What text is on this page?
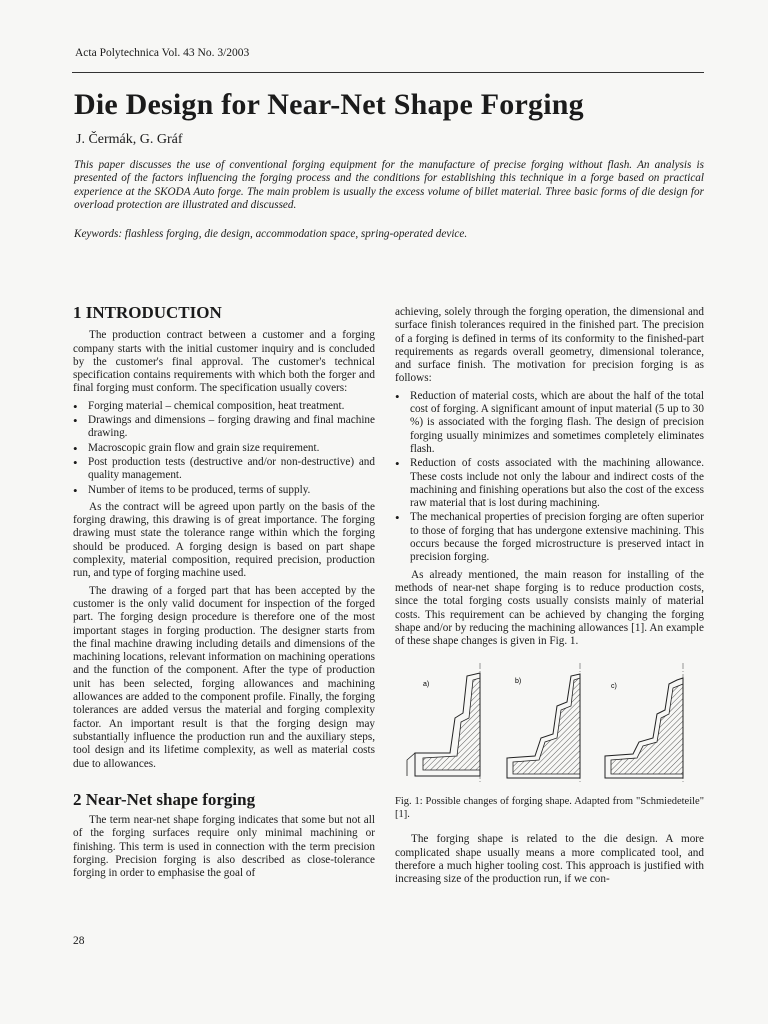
Acta Polytechnica Vol. 43 No. 3/2003
Die Design for Near-Net Shape Forging
J. Čermák, G. Gráf
This paper discusses the use of conventional forging equipment for the manufacture of precise forging without flash. An analysis is presented of the factors influencing the forging process and the conditions for establishing this technique in a forge based on practical experience at the SKODA Auto forge. The main problem is usually the excess volume of billet material. Three basic forms of die design for overload protection are illustrated and discussed.
Keywords: flashless forging, die design, accommodation space, spring-operated device.
1 INTRODUCTION

The production contract between a customer and a forging company starts with the initial customer inquiry and is concluded by the customer's final approval. The customer's technical specification contains requirements with which both the forger and final forging must conform. The specification usually covers:

• Forging material – chemical composition, heat treatment.
• Drawings and dimensions – forging drawing and final machine drawing.
• Macroscopic grain flow and grain size requirement.
• Post production tests (destructive and/or non-destructive) and quality management.
• Number of items to be produced, terms of supply.

As the contract will be agreed upon partly on the basis of the forging drawing, this drawing is of great importance. The forging drawing must state the tolerance range within which the forging should be produced. A forging design is based on part shape complexity, material composition, required precision, production run, and type of forging machine used.

The drawing of a forged part that has been accepted by the customer is the only valid document for inspection of the forged part. The forging design procedure is therefore one of the most important stages in forging production. The designer starts from the final machine drawing including details and dimensions of the machining locations, relevant information on machining operations and the function of the component. After the type of production unit has been selected, forging allowances and machining allowances are added to the component profile. Finally, the forging tolerances are added versus the material and forging complexity factor. An important result is that the forging design may substantially influence the production run and the auxiliary steps, tool design and its lifetime complexity, as well as material costs due to allowances.

2 Near-Net shape forging

The term near-net shape forging indicates that some but not all of the forging surfaces require only minimal machining or finishing. This term is used in connection with the term precision forging. Precision forging is also described as close-tolerance forging in order to emphasise the goal of

achieving, solely through the forging operation, the dimensional and surface finish tolerances required in the finished part. The precision of a forging is defined in terms of its conformity to the finished-part requirements as regards overall geometry, dimensional tolerance, and surface finish. The motivation for precision forging is as follows:

• Reduction of material costs, which are about the half of the total cost of forging. A significant amount of input material (5 up to 30 %) is associated with the forging flash. The design of precision forging usually minimizes and sometimes completely eliminates flash.
• Reduction of costs associated with the machining allowance. These costs include not only the labour and indirect costs of the machining and finishing operations but also the cost of the excess raw material that is lost during machining.
• The mechanical properties of precision forging are often superior to those of forging that has undergone extensive machining. This occurs because the forged microstructure is preserved intact in precision forging.

As already mentioned, the main reason for installing of the methods of near-net shape forging is to reduce production costs, since the total forging costs usually consists mainly of material costs. This requirement can be achieved by changing the forging shape and/or by reducing the machining allowances [1]. An example of these shape changes is given in Fig. 1.

a)	b)
c)
Fig. 1: Possible changes of forging shape. Adapted from "Schmiedeteile" [1].

The forging shape is related to the die design. A more complicated shape usually means a more complicated tool, and therefore a much higher tooling cost. This approach is justified with increasing size of the production run, if we con-

28
